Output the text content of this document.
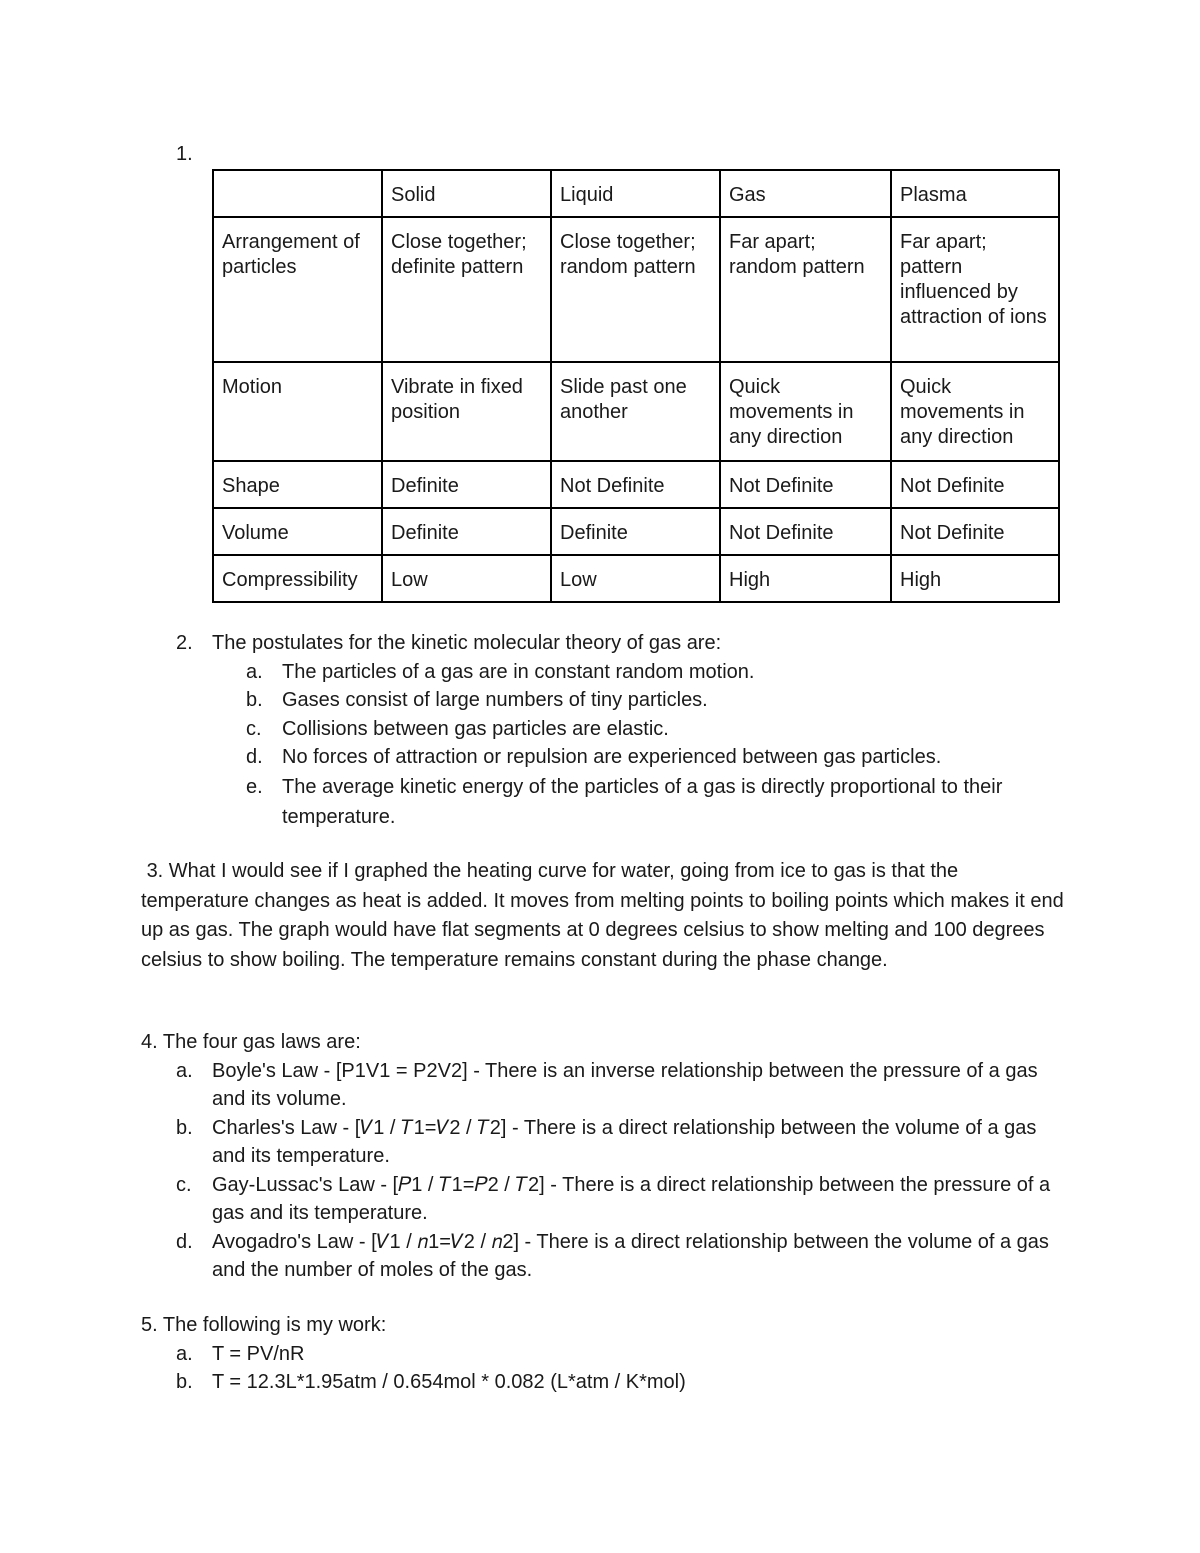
1.
	Solid	Liquid	Gas	Plasma
Arrangement of particles	Close together; definite pattern	Close together; random pattern	Far apart; random pattern	Far apart; pattern influenced by attraction of ions
Motion	Vibrate in fixed position	Slide past one another	Quick movements in any direction	Quick movements in any direction
Shape	Definite	Not Definite	Not Definite	Not Definite
Volume	Definite	Definite	Not Definite	Not Definite
Compressibility	Low	Low	High	High
2. The postulates for the kinetic molecular theory of gas are:
a. The particles of a gas are in constant random motion.
b. Gases consist of large numbers of tiny particles.
c. Collisions between gas particles are elastic.
d. No forces of attraction or repulsion are experienced between gas particles.
e. The average kinetic energy of the particles of a gas is directly proportional to their temperature.
3. What I would see if I graphed the heating curve for water, going from ice to gas is that the temperature changes as heat is added. It moves from melting points to boiling points which makes it end up as gas. The graph would have flat segments at 0 degrees celsius to show melting and 100 degrees celsius to show boiling. The temperature remains constant during the phase change.
4. The four gas laws are:
a. Boyle's Law - [P1V1 = P2V2] - There is an inverse relationship between the pressure of a gas and its volume.
b. Charles's Law - [𝑉1 / 𝑇1=𝑉2 / 𝑇2] - There is a direct relationship between the volume of a gas and its temperature.
c. Gay-Lussac's Law - [𝑃1 / 𝑇1=𝑃2 / 𝑇2] - There is a direct relationship between the pressure of a gas and its temperature.
d. Avogadro's Law - [𝑉1 / 𝑛1=𝑉2 / 𝑛2] - There is a direct relationship between the volume of a gas and the number of moles of the gas.
5. The following is my work:
a. T = PV/nR
b. T = 12.3L*1.95atm / 0.654mol * 0.082 (L*atm / K*mol)
